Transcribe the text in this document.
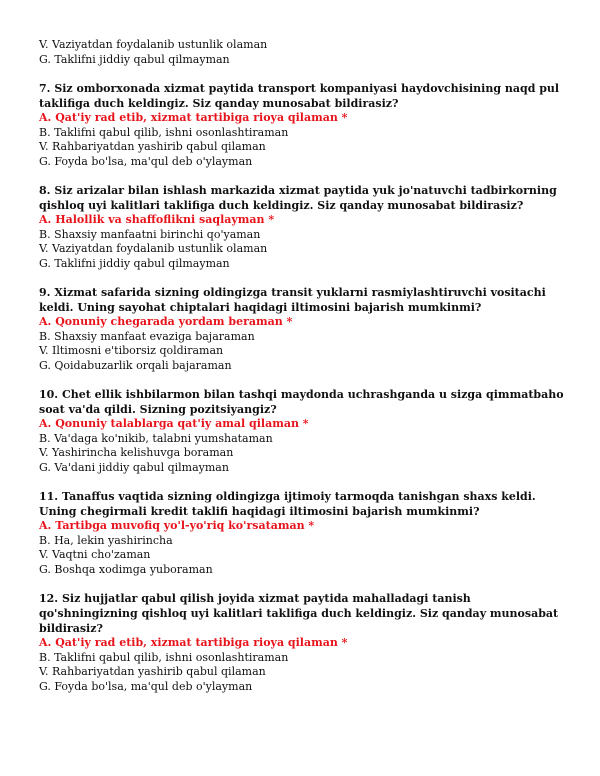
V. Vaziyatdan foydalanib ustunlik olaman
G. Taklifni jiddiy qabul qilmayman
7. Siz omborxonada xizmat paytida transport kompaniyasi haydovchisining naqd pul
taklifiga duch keldingiz. Siz qanday munosabat bildirasiz?
A. Qat'iy rad etib, xizmat tartibiga rioya qilaman *
B. Taklifni qabul qilib, ishni osonlashtiraman
V. Rahbariyatdan yashirib qabul qilaman
G. Foyda bo'lsa, ma'qul deb o'ylayman
8. Siz arizalar bilan ishlash markazida xizmat paytida yuk jo'natuvchi tadbirkorning
qishloq uyi kalitlari taklifiga duch keldingiz. Siz qanday munosabat bildirasiz?
A. Halollik va shaffoflikni saqlayman *
B. Shaxsiy manfaatni birinchi qo'yaman
V. Vaziyatdan foydalanib ustunlik olaman
G. Taklifni jiddiy qabul qilmayman
9. Xizmat safarida sizning oldingizga transit yuklarni rasmiylashtiruvchi vositachi
keldi. Uning sayohat chiptalari haqidagi iltimosini bajarish mumkinmi?
A. Qonuniy chegarada yordam beraman *
B. Shaxsiy manfaat evaziga bajaraman
V. Iltimosni e'tiborsiz qoldiraman
G. Qoidabuzarlik orqali bajaraman
10. Chet ellik ishbilarmon bilan tashqi maydonda uchrashganda u sizga qimmatbaho
soat va'da qildi. Sizning pozitsiyangiz?
A. Qonuniy talablarga qat'iy amal qilaman *
B. Va'daga ko'nikib, talabni yumshataman
V. Yashirincha kelishuvga boraman
G. Va'dani jiddiy qabul qilmayman
11. Tanaffus vaqtida sizning oldingizga ijtimoiy tarmoqda tanishgan shaxs keldi.
Uning chegirmali kredit taklifi haqidagi iltimosini bajarish mumkinmi?
A. Tartibga muvofiq yo'l-yo'riq ko'rsataman *
B. Ha, lekin yashirincha
V. Vaqtni cho'zaman
G. Boshqa xodimga yuboraman
12. Siz hujjatlar qabul qilish joyida xizmat paytida mahalladagi tanish
qo'shningizning qishloq uyi kalitlari taklifiga duch keldingiz. Siz qanday munosabat
bildirasiz?
A. Qat'iy rad etib, xizmat tartibiga rioya qilaman *
B. Taklifni qabul qilib, ishni osonlashtiraman
V. Rahbariyatdan yashirib qabul qilaman
G. Foyda bo'lsa, ma'qul deb o'ylayman
